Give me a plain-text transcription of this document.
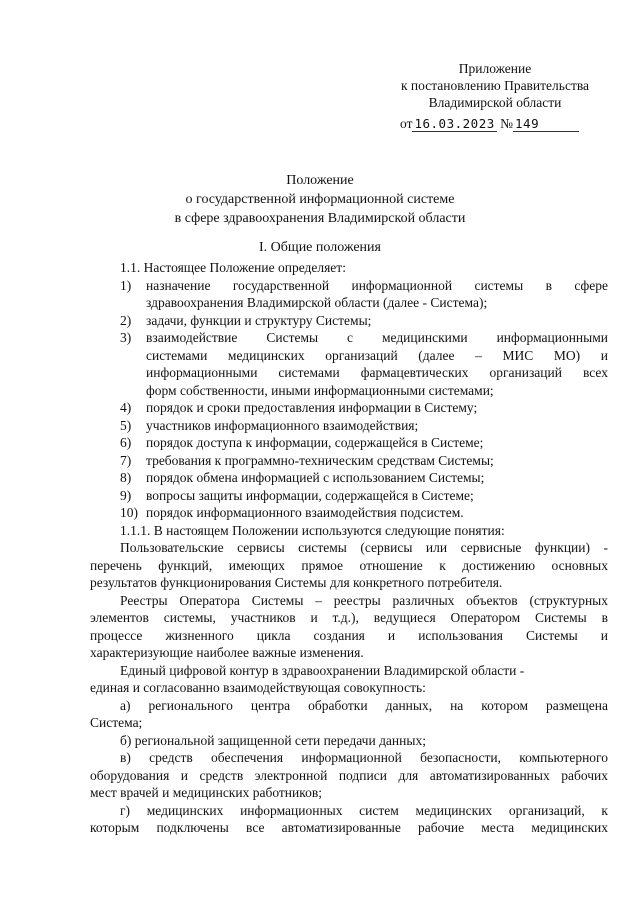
Приложение
к постановлению Правительства
Владимирской области
от 16.03.2023 № 149
Положение
о государственной информационной системе
в сфере здравоохранения Владимирской области
I. Общие положения
1.1. Настоящее Положение определяет:
1) назначение государственной информационной системы в сфере
здравоохранения Владимирской области (далее - Система);
2) задачи, функции и структуру Системы;
3) взаимодействие Системы с медицинскими информационными
системами медицинских организаций (далее – МИС МО) и
информационными системами фармацевтических организаций всех
форм собственности, иными информационными системами;
4) порядок и сроки предоставления информации в Систему;
5) участников информационного взаимодействия;
6) порядок доступа к информации, содержащейся в Системе;
7) требования к программно-техническим средствам Системы;
8) порядок обмена информацией с использованием Системы;
9) вопросы защиты информации, содержащейся в Системе;
10) порядок информационного взаимодействия подсистем.
1.1.1. В настоящем Положении используются следующие понятия:
Пользовательские сервисы системы (сервисы или сервисные функции) -
перечень функций, имеющих прямое отношение к достижению основных
результатов функционирования Системы для конкретного потребителя.
Реестры Оператора Системы – реестры различных объектов (структурных
элементов системы, участников и т.д.), ведущиеся Оператором Системы в
процессе жизненного цикла создания и использования Системы и
характеризующие наиболее важные изменения.
Единый цифровой контур в здравоохранении Владимирской области -
единая и согласованно взаимодействующая совокупность:
а) регионального центра обработки данных, на котором размещена
Система;
б) региональной защищенной сети передачи данных;
в) средств обеспечения информационной безопасности, компьютерного
оборудования и средств электронной подписи для автоматизированных рабочих
мест врачей и медицинских работников;
г) медицинских информационных систем медицинских организаций, к
которым подключены все автоматизированные рабочие места медицинских
